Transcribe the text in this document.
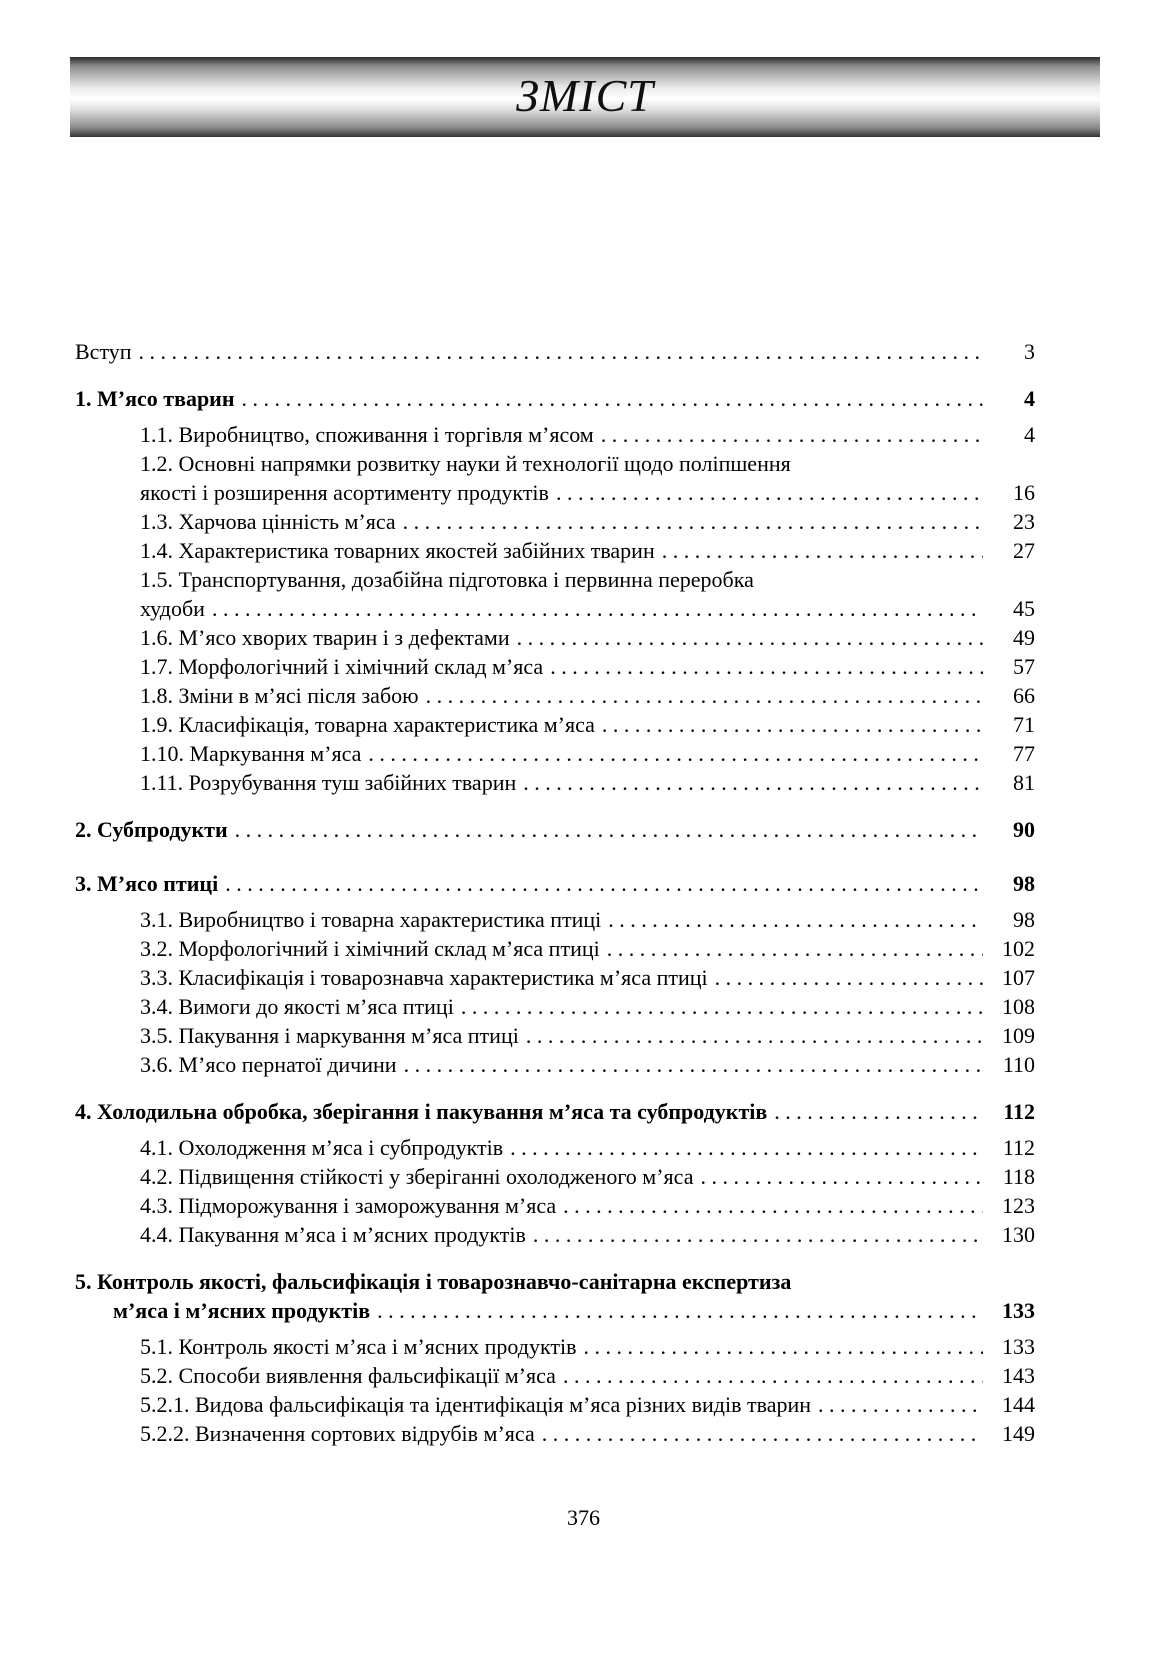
ЗМІСТ
Вступ . . .	3
1. М’ясо тварин . . .	4
1.1. Виробництво, споживання і торгівля м’ясом . . .	4
1.2. Основні напрямки розвитку науки й технології щодо поліпшення
якості і розширення асортименту продуктів . . .	16
1.3. Харчова цінність м’яса . . .	23
1.4. Характеристика товарних якостей забійних тварин . . .	27
1.5. Транспортування, дозабійна підготовка і первинна переробка
худоби . . .	45
1.6. М’ясо хворих тварин і з дефектами . . .	49
1.7. Морфологічний і хімічний склад м’яса . . .	57
1.8. Зміни в м’ясі після забою . . .	66
1.9. Класифікація, товарна характеристика м’яса . . .	71
1.10. Маркування м’яса . . .	77
1.11. Розрубування туш забійних тварин . . .	81
2. Субпродукти . . .	90
3. М’ясо птиці . . .	98
3.1. Виробництво і товарна характеристика птиці . . .	98
3.2. Морфологічний і хімічний склад м’яса птиці . . .	102
3.3. Класифікація і товарознавча характеристика м’яса птиці . . .	107
3.4. Вимоги до якості м’яса птиці . . .	108
3.5. Пакування і маркування м’яса птиці . . .	109
3.6. М’ясо пернатої дичини . . .	110
4. Холодильна обробка, зберігання і пакування м’яса та субпродуктів . . .	112
4.1. Охолодження м’яса і субпродуктів . . .	112
4.2. Підвищення стійкості у зберіганні охолодженого м’яса . . .	118
4.3. Підморожування і заморожування м’яса . . .	123
4.4. Пакування м’яса і м’ясних продуктів . . .	130
5. Контроль якості, фальсифікація і товарознавчо-санітарна експертиза
м’яса і м’ясних продуктів . . .	133
5.1. Контроль якості м’яса і м’ясних продуктів . . .	133
5.2. Способи виявлення фальсифікації м’яса . . .	143
5.2.1. Видова фальсифікація та ідентифікація м’яса різних видів тварин . . .	144
5.2.2. Визначення сортових відрубів м’яса . . .	149
376
